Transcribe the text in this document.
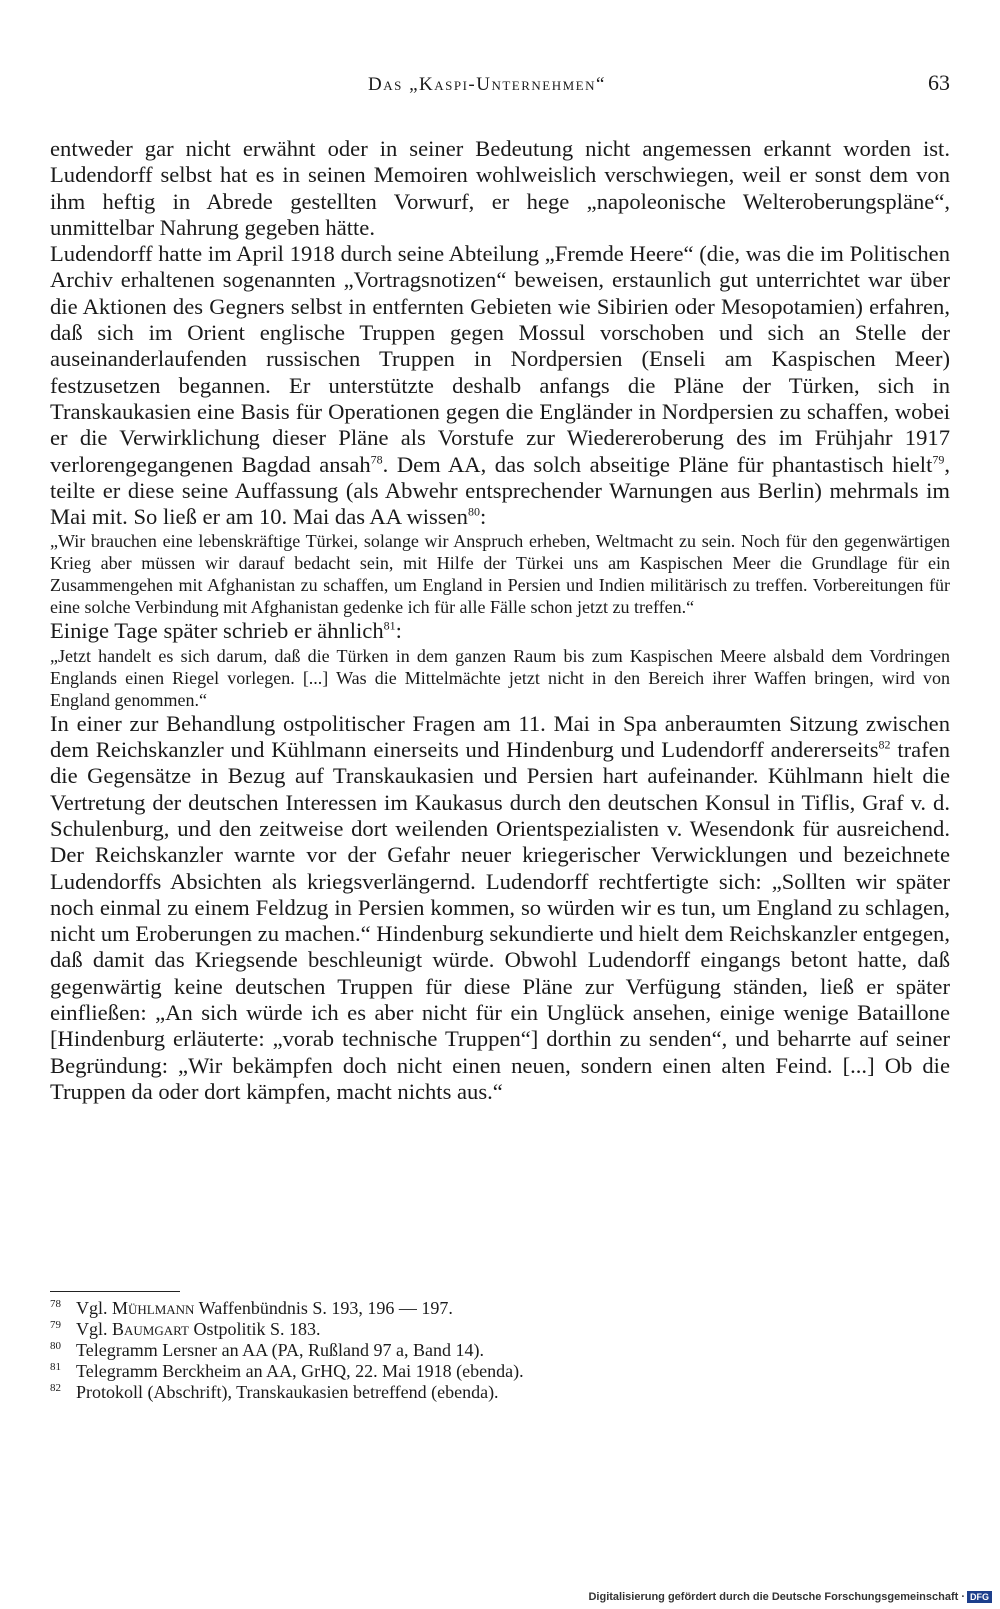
Das „Kaspi-Unternehmen“	63

entweder gar nicht erwähnt oder in seiner Bedeutung nicht angemessen erkannt worden ist. Ludendorff selbst hat es in seinen Memoiren wohlweislich verschwiegen, weil er sonst dem von ihm heftig in Abrede gestellten Vorwurf, er hege „napoleonische Welteroberungspläne“, unmittelbar Nahrung gegeben hätte.

Ludendorff hatte im April 1918 durch seine Abteilung „Fremde Heere“ (die, was die im Politischen Archiv erhaltenen sogenannten „Vortragsnotizen“ beweisen, erstaunlich gut unterrichtet war über die Aktionen des Gegners selbst in entfernten Gebieten wie Sibirien oder Mesopotamien) erfahren, daß sich im Orient englische Truppen gegen Mossul vorschoben und sich an Stelle der auseinanderlaufenden russischen Truppen in Nordpersien (Enseli am Kaspischen Meer) festzusetzen begannen. Er unterstützte deshalb anfangs die Pläne der Türken, sich in Transkaukasien eine Basis für Operationen gegen die Engländer in Nordpersien zu schaffen, wobei er die Verwirklichung dieser Pläne als Vorstufe zur Wiedereroberung des im Frühjahr 1917 verlorengegangenen Bagdad ansah$^{78}$. Dem AA, das solch abseitige Pläne für phantastisch hielt$^{79}$, teilte er diese seine Auffassung (als Abwehr entsprechender Warnungen aus Berlin) mehrmals im Mai mit. So ließ er am 10. Mai das AA wissen$^{80}$:

„Wir brauchen eine lebenskräftige Türkei, solange wir Anspruch erheben, Weltmacht zu sein. Noch für den gegenwärtigen Krieg aber müssen wir darauf bedacht sein, mit Hilfe der Türkei uns am Kaspischen Meer die Grundlage für ein Zusammengehen mit Afghanistan zu schaffen, um England in Persien und Indien militärisch zu treffen. Vorbereitungen für eine solche Verbindung mit Afghanistan gedenke ich für alle Fälle schon jetzt zu treffen.“

Einige Tage später schrieb er ähnlich$^{81}$:

„Jetzt handelt es sich darum, daß die Türken in dem ganzen Raum bis zum Kaspischen Meere alsbald dem Vordringen Englands einen Riegel vorlegen. [...] Was die Mittelmächte jetzt nicht in den Bereich ihrer Waffen bringen, wird von England genommen.“

In einer zur Behandlung ostpolitischer Fragen am 11. Mai in Spa anberaumten Sitzung zwischen dem Reichskanzler und Kühlmann einerseits und Hindenburg und Ludendorff andererseits$^{82}$ trafen die Gegensätze in Bezug auf Transkaukasien und Persien hart aufeinander. Kühlmann hielt die Vertretung der deutschen Interessen im Kaukasus durch den deutschen Konsul in Tiflis, Graf v. d. Schulenburg, und den zeitweise dort weilenden Orientspezialisten v. Wesendonk für ausreichend. Der Reichskanzler warnte vor der Gefahr neuer kriegerischer Verwicklungen und bezeichnete Ludendorffs Absichten als kriegsverlängernd. Ludendorff rechtfertigte sich: „Sollten wir später noch einmal zu einem Feldzug in Persien kommen, so würden wir es tun, um England zu schlagen, nicht um Eroberungen zu machen.“ Hindenburg sekundierte und hielt dem Reichskanzler entgegen, daß damit das Kriegsende beschleunigt würde. Obwohl Ludendorff eingangs betont hatte, daß gegenwärtig keine deutschen Truppen für diese Pläne zur Verfügung ständen, ließ er später einfließen: „An sich würde ich es aber nicht für ein Unglück ansehen, einige wenige Bataillone [Hindenburg erläuterte: „vorab technische Truppen“] dorthin zu senden“, und beharrte auf seiner Begründung: „Wir bekämpfen doch nicht einen neuen, sondern einen alten Feind. [...] Ob die Truppen da oder dort kämpfen, macht nichts aus.“

78 Vgl. Mühlmann Waffenbündnis S. 193, 196 — 197.

79 Vgl. Baumgart Ostpolitik S. 183.

80 Telegramm Lersner an AA (PA, Rußland 97 a, Band 14).

81 Telegramm Berckheim an AA, GrHQ, 22. Mai 1918 (ebenda).

82 Protokoll (Abschrift), Transkaukasien betreffend (ebenda).

Digitalisierung gefördert durch die Deutsche Forschungsgemeinschaft · DFG
